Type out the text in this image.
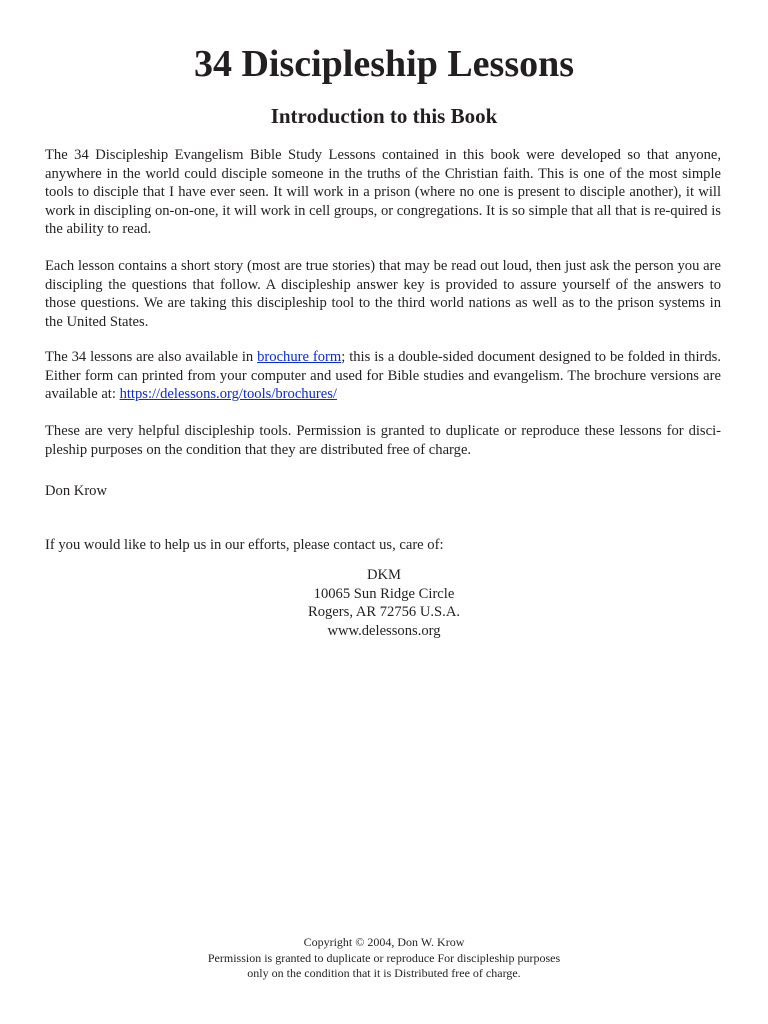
34 Discipleship Lessons
Introduction to this Book

The 34 Discipleship Evangelism Bible Study Lessons contained in this book were developed so that anyone, anywhere in the world could disciple someone in the truths of the Christian faith. This is one of the most simple tools to disciple that I have ever seen. It will work in a prison (where no one is present to disciple another), it will work in discipling on-on-one, it will work in cell groups, or congregations. It is so simple that all that is re-quired is the ability to read.

Each lesson contains a short story (most are true stories) that may be read out loud, then just ask the person you are discipling the questions that follow. A discipleship answer key is provided to assure yourself of the answers to those questions. We are taking this discipleship tool to the third world nations as well as to the prison systems in the United States.

The 34 lessons are also available in brochure form; this is a double-sided document designed to be folded in thirds. Either form can printed from your computer and used for Bible studies and evangelism. The brochure versions are available at: https://delessons.org/tools/brochures/

These are very helpful discipleship tools. Permission is granted to duplicate or reproduce these lessons for disci-pleship purposes on the condition that they are distributed free of charge.

Don Krow

If you would like to help us in our efforts, please contact us, care of:

DKM
10065 Sun Ridge Circle
Rogers, AR 72756 U.S.A.
www.delessons.org
Copyright © 2004, Don W. Krow
Permission is granted to duplicate or reproduce For discipleship purposes
only on the condition that it is Distributed free of charge.
